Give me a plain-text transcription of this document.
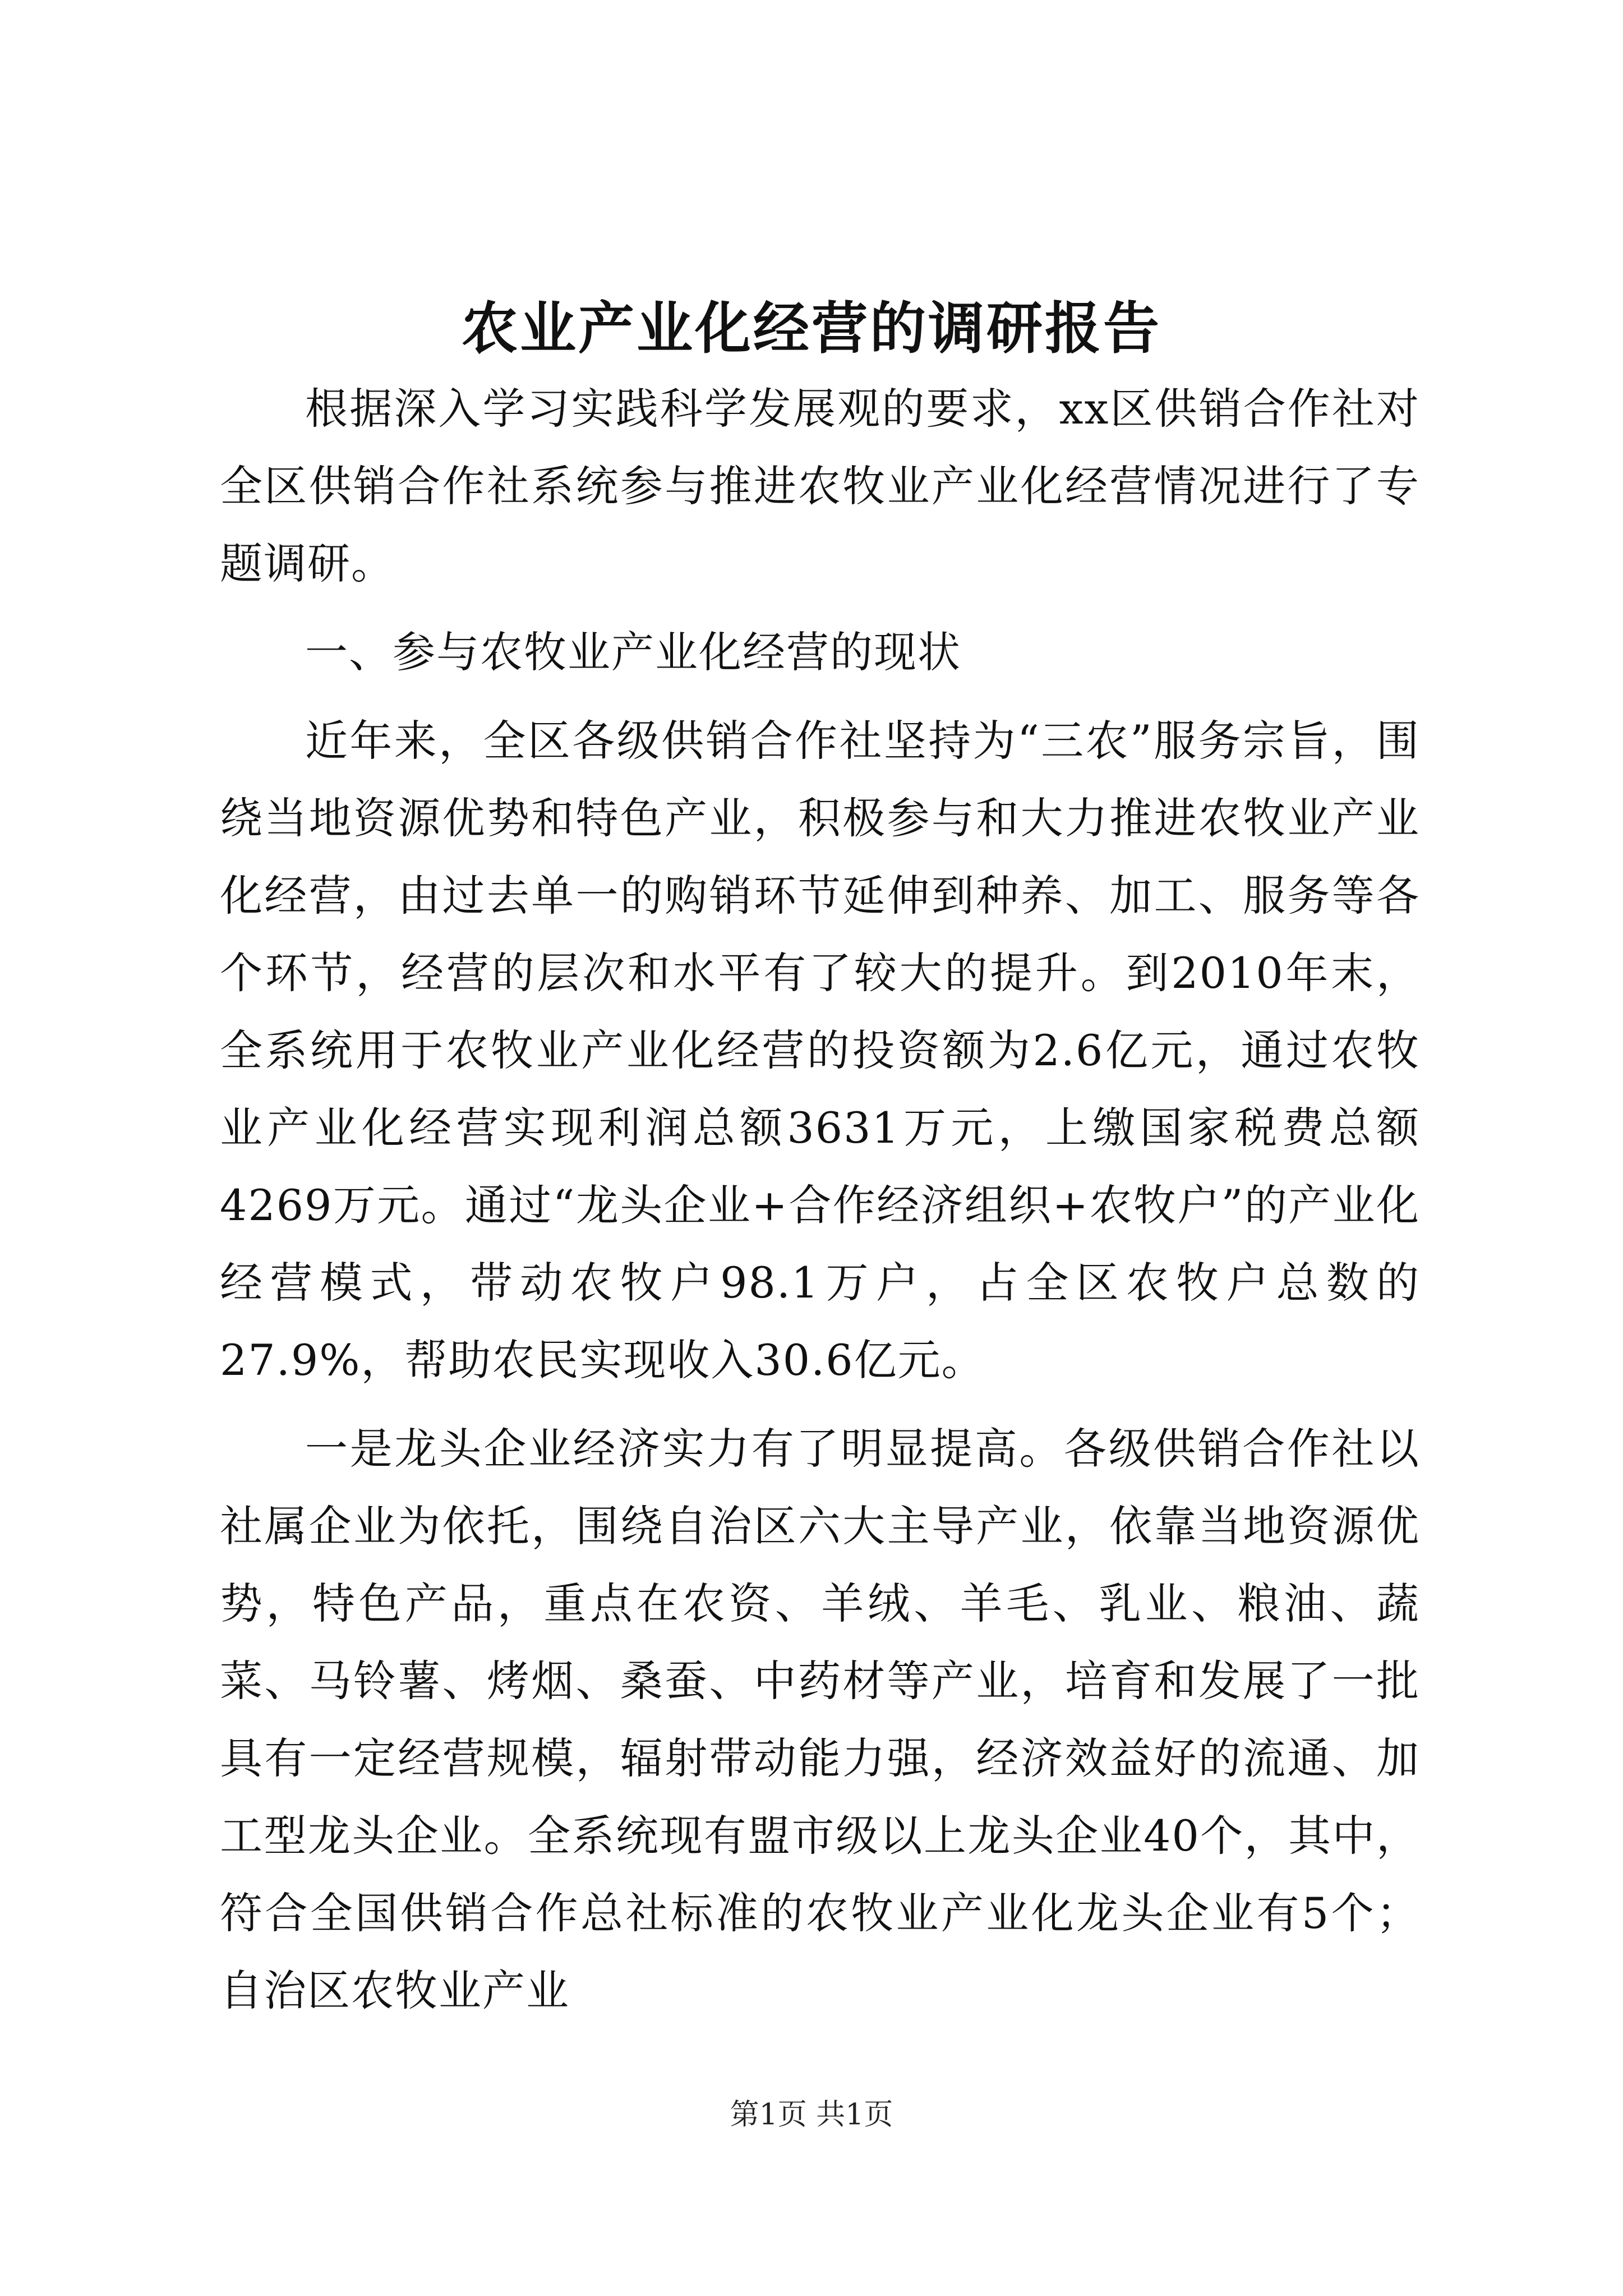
农业产业化经营的调研报告

根据深入学习实践科学发展观的要求，xx区供销合作社对全区供销合作社系统参与推进农牧业产业化经营情况进行了专题调研。

一、参与农牧业产业化经营的现状

近年来，全区各级供销合作社坚持为“三农”服务宗旨，围绕当地资源优势和特色产业，积极参与和大力推进农牧业产业化经营，由过去单一的购销环节延伸到种养、加工、服务等各个环节，经营的层次和水平有了较大的提升。到2010年末，全系统用于农牧业产业化经营的投资额为2.6亿元，通过农牧业产业化经营实现利润总额3631万元，上缴国家税费总额4269万元。通过“龙头企业+合作经济组织+农牧户”的产业化经营模式，带动农牧户98.1万户，占全区农牧户总数的27.9%，帮助农民实现收入30.6亿元。

一是龙头企业经济实力有了明显提高。各级供销合作社以社属企业为依托，围绕自治区六大主导产业，依靠当地资源优势，特色产品，重点在农资、羊绒、羊毛、乳业、粮油、蔬菜、马铃薯、烤烟、桑蚕、中药材等产业，培育和发展了一批具有一定经营规模，辐射带动能力强，经济效益好的流通、加工型龙头企业。全系统现有盟市级以上龙头企业40个，其中，符合全国供销合作总社标准的农牧业产业化龙头企业有5个；自治区农牧业产业

第1页 共1页
